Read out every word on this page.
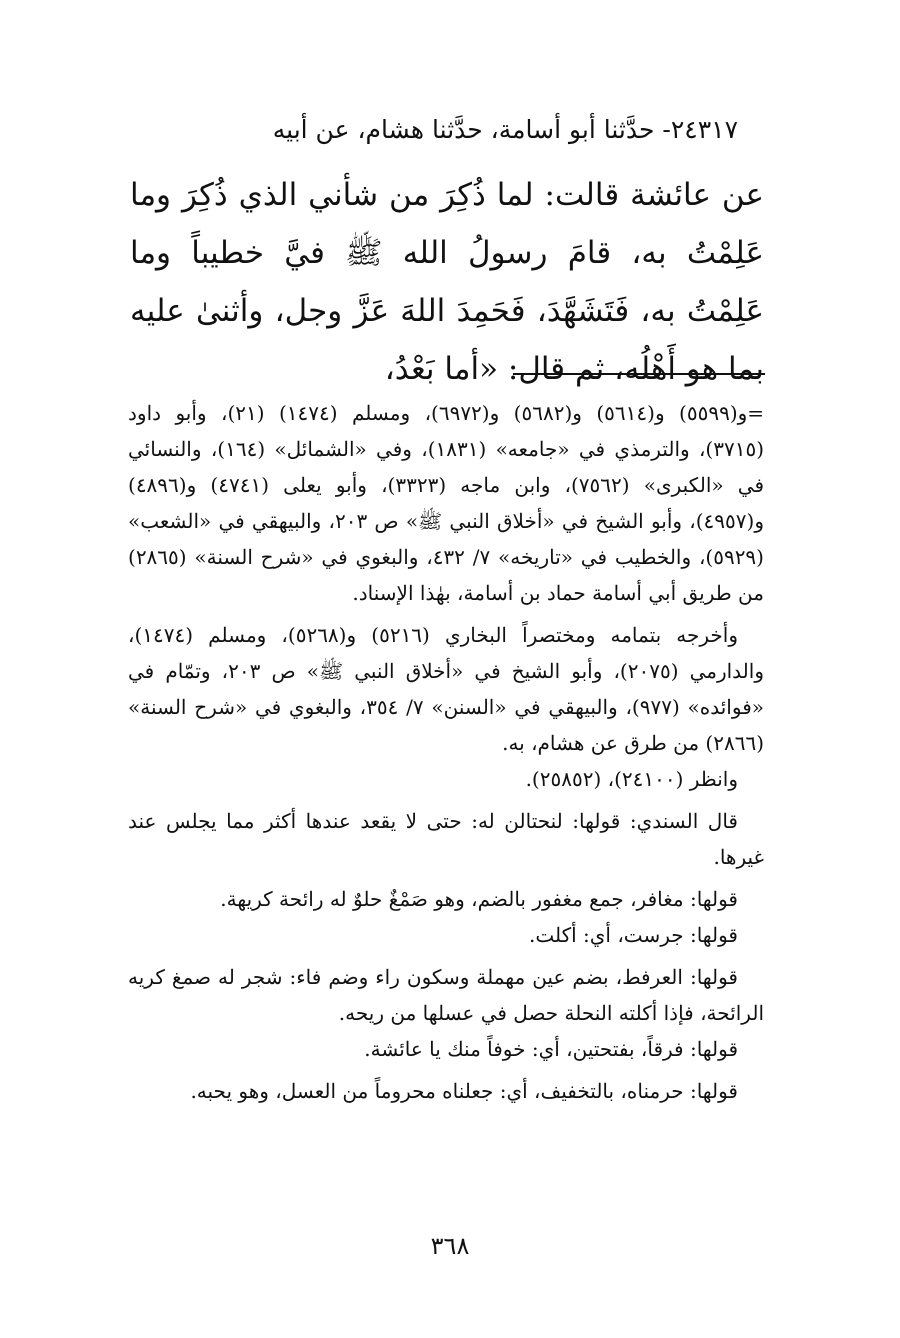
٢٤٣١٧- حدَّثنا أبو أسامة، حدَّثنا هشام، عن أبيه

عن عائشة قالت: لما ذُكِرَ من شأني الذي ذُكِرَ وما عَلِمْتُ به، قامَ رسولُ الله ﷺ فيَّ خطيباً وما عَلِمْتُ به، فَتَشَهَّدَ، فَحَمِدَ اللهَ عَزَّ وجل، وأثنىٰ عليه بما هو أَهْلُه، ثم قال: «أما بَعْدُ،

=و(٥٥٩٩) و(٥٦١٤) و(٥٦٨٢) و(٦٩٧٢)، ومسلم (١٤٧٤) (٢١)، وأبو داود (٣٧١٥)، والترمذي في «جامعه» (١٨٣١)، وفي «الشمائل» (١٦٤)، والنسائي في «الكبرى» (٧٥٦٢)، وابن ماجه (٣٣٢٣)، وأبو يعلى (٤٧٤١) و(٤٨٩٦) و(٤٩٥٧)، وأبو الشيخ في «أخلاق النبي ﷺ» ص ٢٠٣، والبيهقي في «الشعب» (٥٩٢٩)، والخطيب في «تاريخه» ٧/ ٤٣٢، والبغوي في «شرح السنة» (٢٨٦٥) من طريق أبي أسامة حماد بن أسامة، بهٰذا الإسناد.

وأخرجه بتمامه ومختصراً البخاري (٥٢١٦) و(٥٢٦٨)، ومسلم (١٤٧٤)، والدارمي (٢٠٧٥)، وأبو الشيخ في «أخلاق النبي ﷺ» ص ٢٠٣، وتمّام في «فوائده» (٩٧٧)، والبيهقي في «السنن» ٧/ ٣٥٤، والبغوي في «شرح السنة» (٢٨٦٦) من طرق عن هشام، به.

وانظر (٢٤١٠٠)، (٢٥٨٥٢).

قال السندي: قولها: لنحتالن له: حتى لا يقعد عندها أكثر مما يجلس عند غيرها.

قولها: مغافر، جمع مغفور بالضم، وهو صَمْغٌ حلوٌ له رائحة كريهة.

قولها: جرست، أي: أكلت.

قولها: العرفط، بضم عين مهملة وسكون راء وضم فاء: شجر له صمغ كريه الرائحة، فإذا أكلته النحلة حصل في عسلها من ريحه.

قولها: فرقاً، بفتحتين، أي: خوفاً منك يا عائشة.

قولها: حرمناه، بالتخفيف، أي: جعلناه محروماً من العسل، وهو يحبه.

٣٦٨
